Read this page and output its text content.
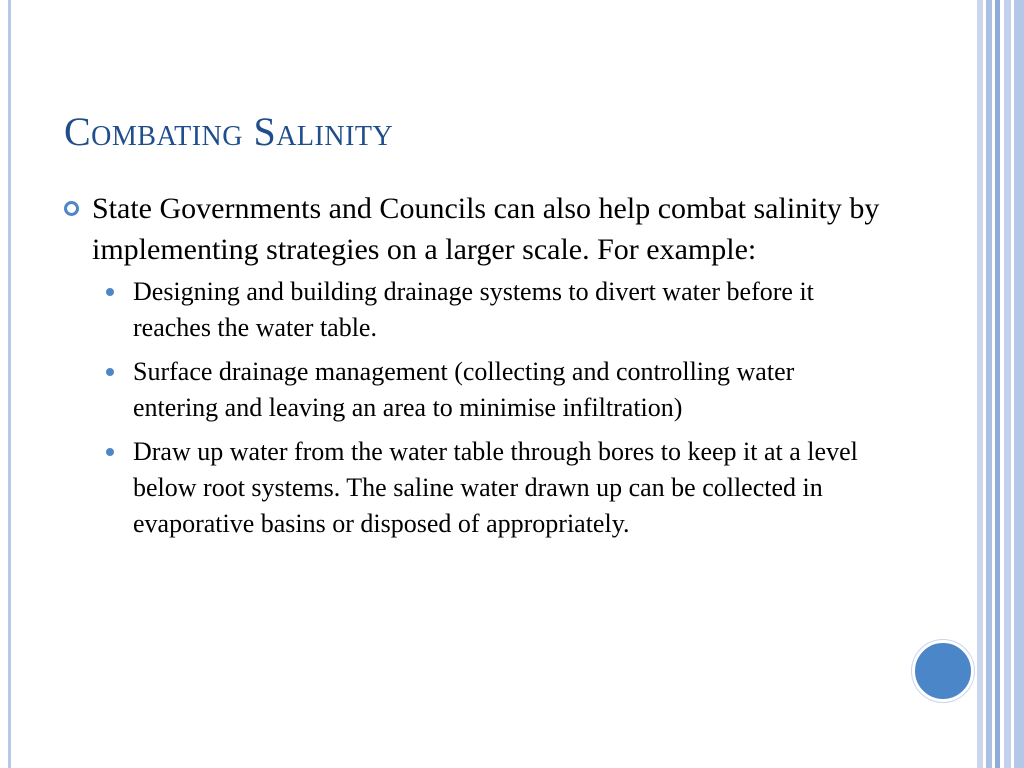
Combating Salinity
State Governments and Councils can also help combat salinity by implementing strategies on a larger scale. For example:
Designing and building drainage systems to divert water before it reaches the water table.
Surface drainage management (collecting and controlling water entering and leaving an area to minimise infiltration)
Draw up water from the water table through bores to keep it at a level below root systems. The saline water drawn up can be collected in evaporative basins or disposed of appropriately.
